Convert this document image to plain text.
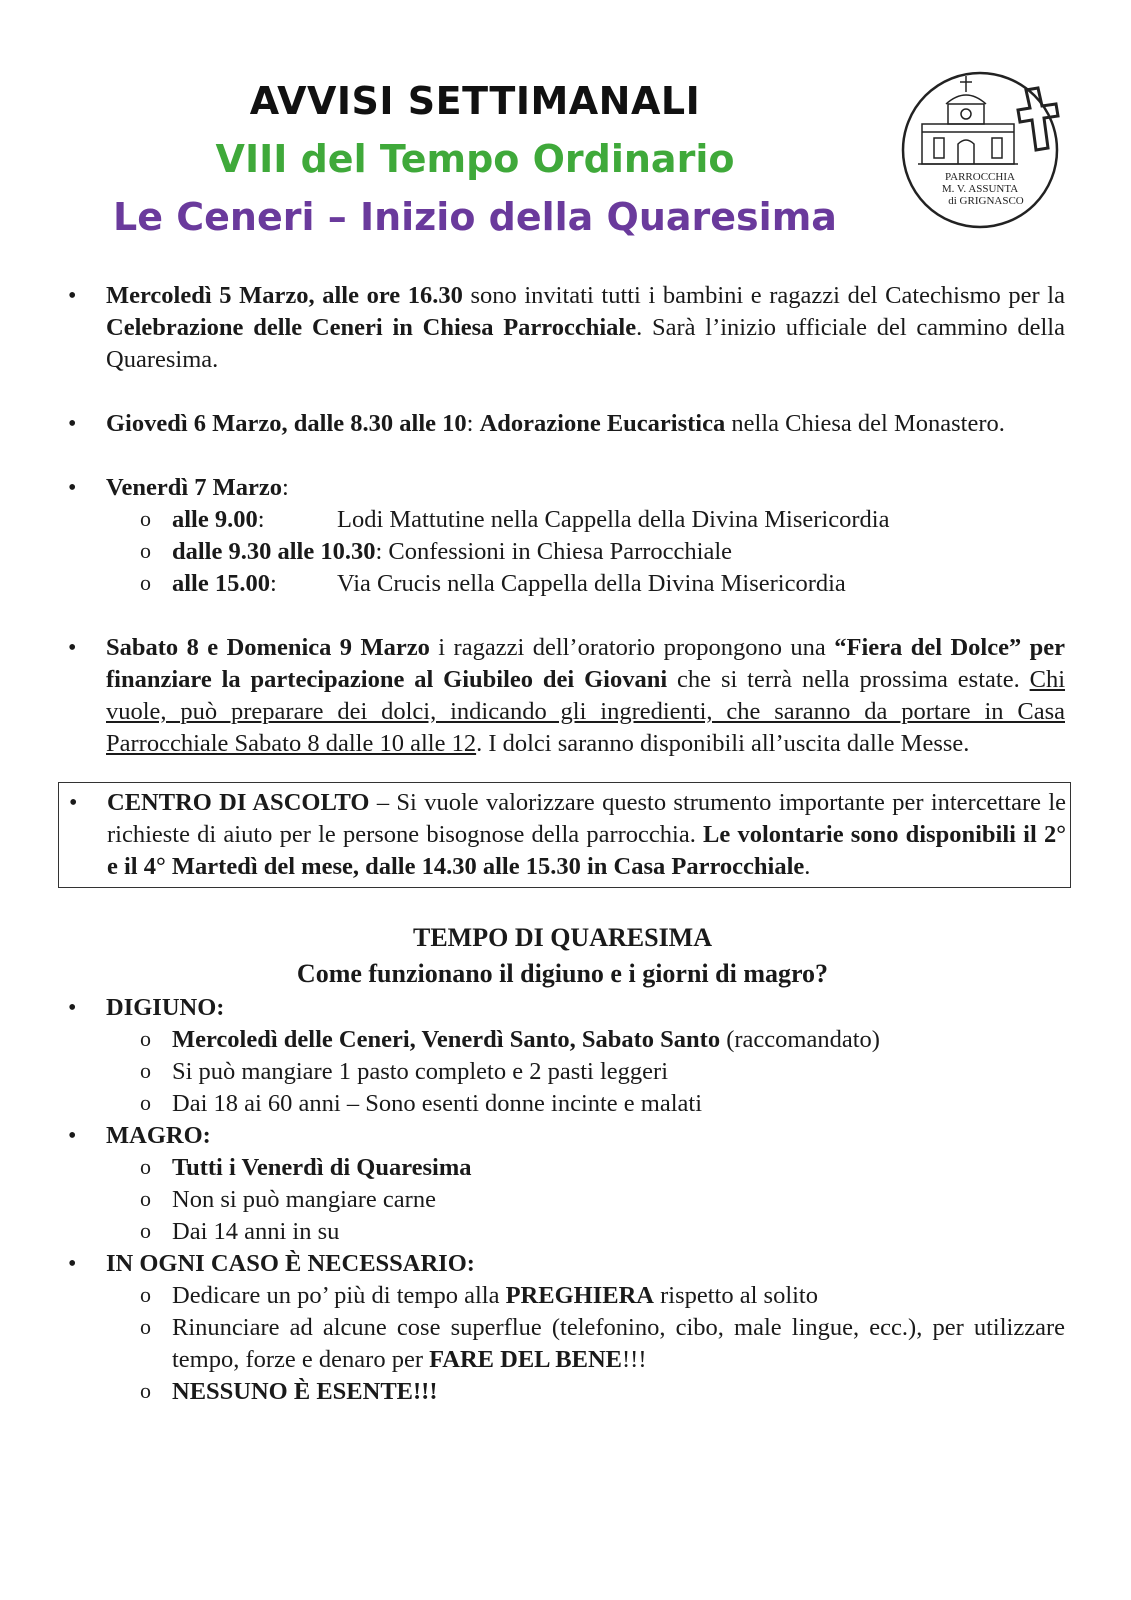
AVVISI SETTIMANALI
VIII del Tempo Ordinario
Le Ceneri – Inizio della Quaresima
PARROCCHIA
M. V. ASSUNTA
di GRIGNASCO
• Mercoledì 5 Marzo, alle ore 16.30 sono invitati tutti i bambini e ragazzi del Catechismo per la Celebrazione delle Ceneri in Chiesa Parrocchiale. Sarà l’inizio ufficiale del cammino della Quaresima.
• Giovedì 6 Marzo, dalle 8.30 alle 10: Adorazione Eucaristica nella Chiesa del Monastero.
• Venerdì 7 Marzo:
o alle 9.00:	Lodi Mattutine nella Cappella della Divina Misericordia
o dalle 9.30 alle 10.30: Confessioni in Chiesa Parrocchiale
o alle 15.00: Via Crucis nella Cappella della Divina Misericordia
• Sabato 8 e Domenica 9 Marzo i ragazzi dell’oratorio propongono una “Fiera del Dolce” per finanziare la partecipazione al Giubileo dei Giovani che si terrà nella prossima estate. Chi vuole, può preparare dei dolci, indicando gli ingredienti, che saranno da portare in Casa Parrocchiale Sabato 8 dalle 10 alle 12. I dolci saranno disponibili all’uscita dalle Messe.
• CENTRO DI ASCOLTO – Si vuole valorizzare questo strumento importante per intercettare le richieste di aiuto per le persone bisognose della parrocchia. Le volontarie sono disponibili il 2° e il 4° Martedì del mese, dalle 14.30 alle 15.30 in Casa Parrocchiale.
TEMPO DI QUARESIMA
Come funzionano il digiuno e i giorni di magro?
• DIGIUNO:
o Mercoledì delle Ceneri, Venerdì Santo, Sabato Santo (raccomandato)
o Si può mangiare 1 pasto completo e 2 pasti leggeri
o Dai 18 ai 60 anni – Sono esenti donne incinte e malati
• MAGRO:
o Tutti i Venerdì di Quaresima
o Non si può mangiare carne
o Dai 14 anni in su
• IN OGNI CASO È NECESSARIO:
o Dedicare un po’ più di tempo alla PREGHIERA rispetto al solito
o Rinunciare ad alcune cose superflue (telefonino, cibo, male lingue, ecc.), per utilizzare tempo, forze e denaro per FARE DEL BENE!!!
o NESSUNO È ESENTE!!!
